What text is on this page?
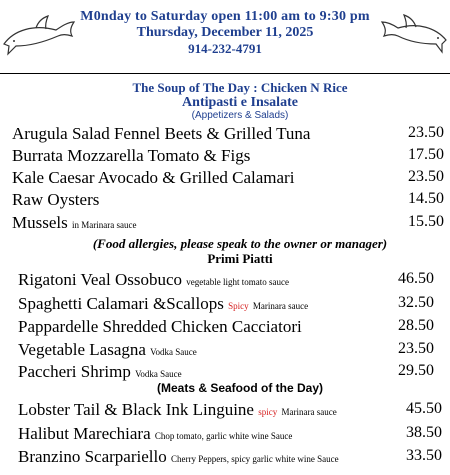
M0nday to Saturday open 11:00 am to 9:30 pm
Thursday, December 11, 2025
914-232-4791
The Soup of The Day : Chicken N Rice
Antipasti e Insalate
(Appetizers & Salads)
Arugula Salad Fennel Beets & Grilled Tuna	23.50
Burrata Mozzarella Tomato & Figs	17.50
Kale Caesar Avocado & Grilled Calamari	23.50
Raw Oysters	14.50
Mussels in Marinara sauce	15.50
(Food allergies, please speak to the owner or manager)
Primi Piatti
Rigatoni Veal Ossobuco vegetable light tomato sauce	46.50
Spaghetti Calamari &Scallops Spicy Marinara sauce	32.50
Pappardelle Shredded Chicken Cacciatori	28.50
Vegetable Lasagna Vodka Sauce	23.50
Paccheri Shrimp Vodka Sauce	29.50
(Meats & Seafood of the Day)
Lobster Tail & Black Ink Linguine spicy Marinara sauce	45.50
Halibut Marechiara Chop tomato, garlic white wine Sauce	38.50
Branzino Scarpariello Cherry Peppers, spicy garlic white wine Sauce	33.50
